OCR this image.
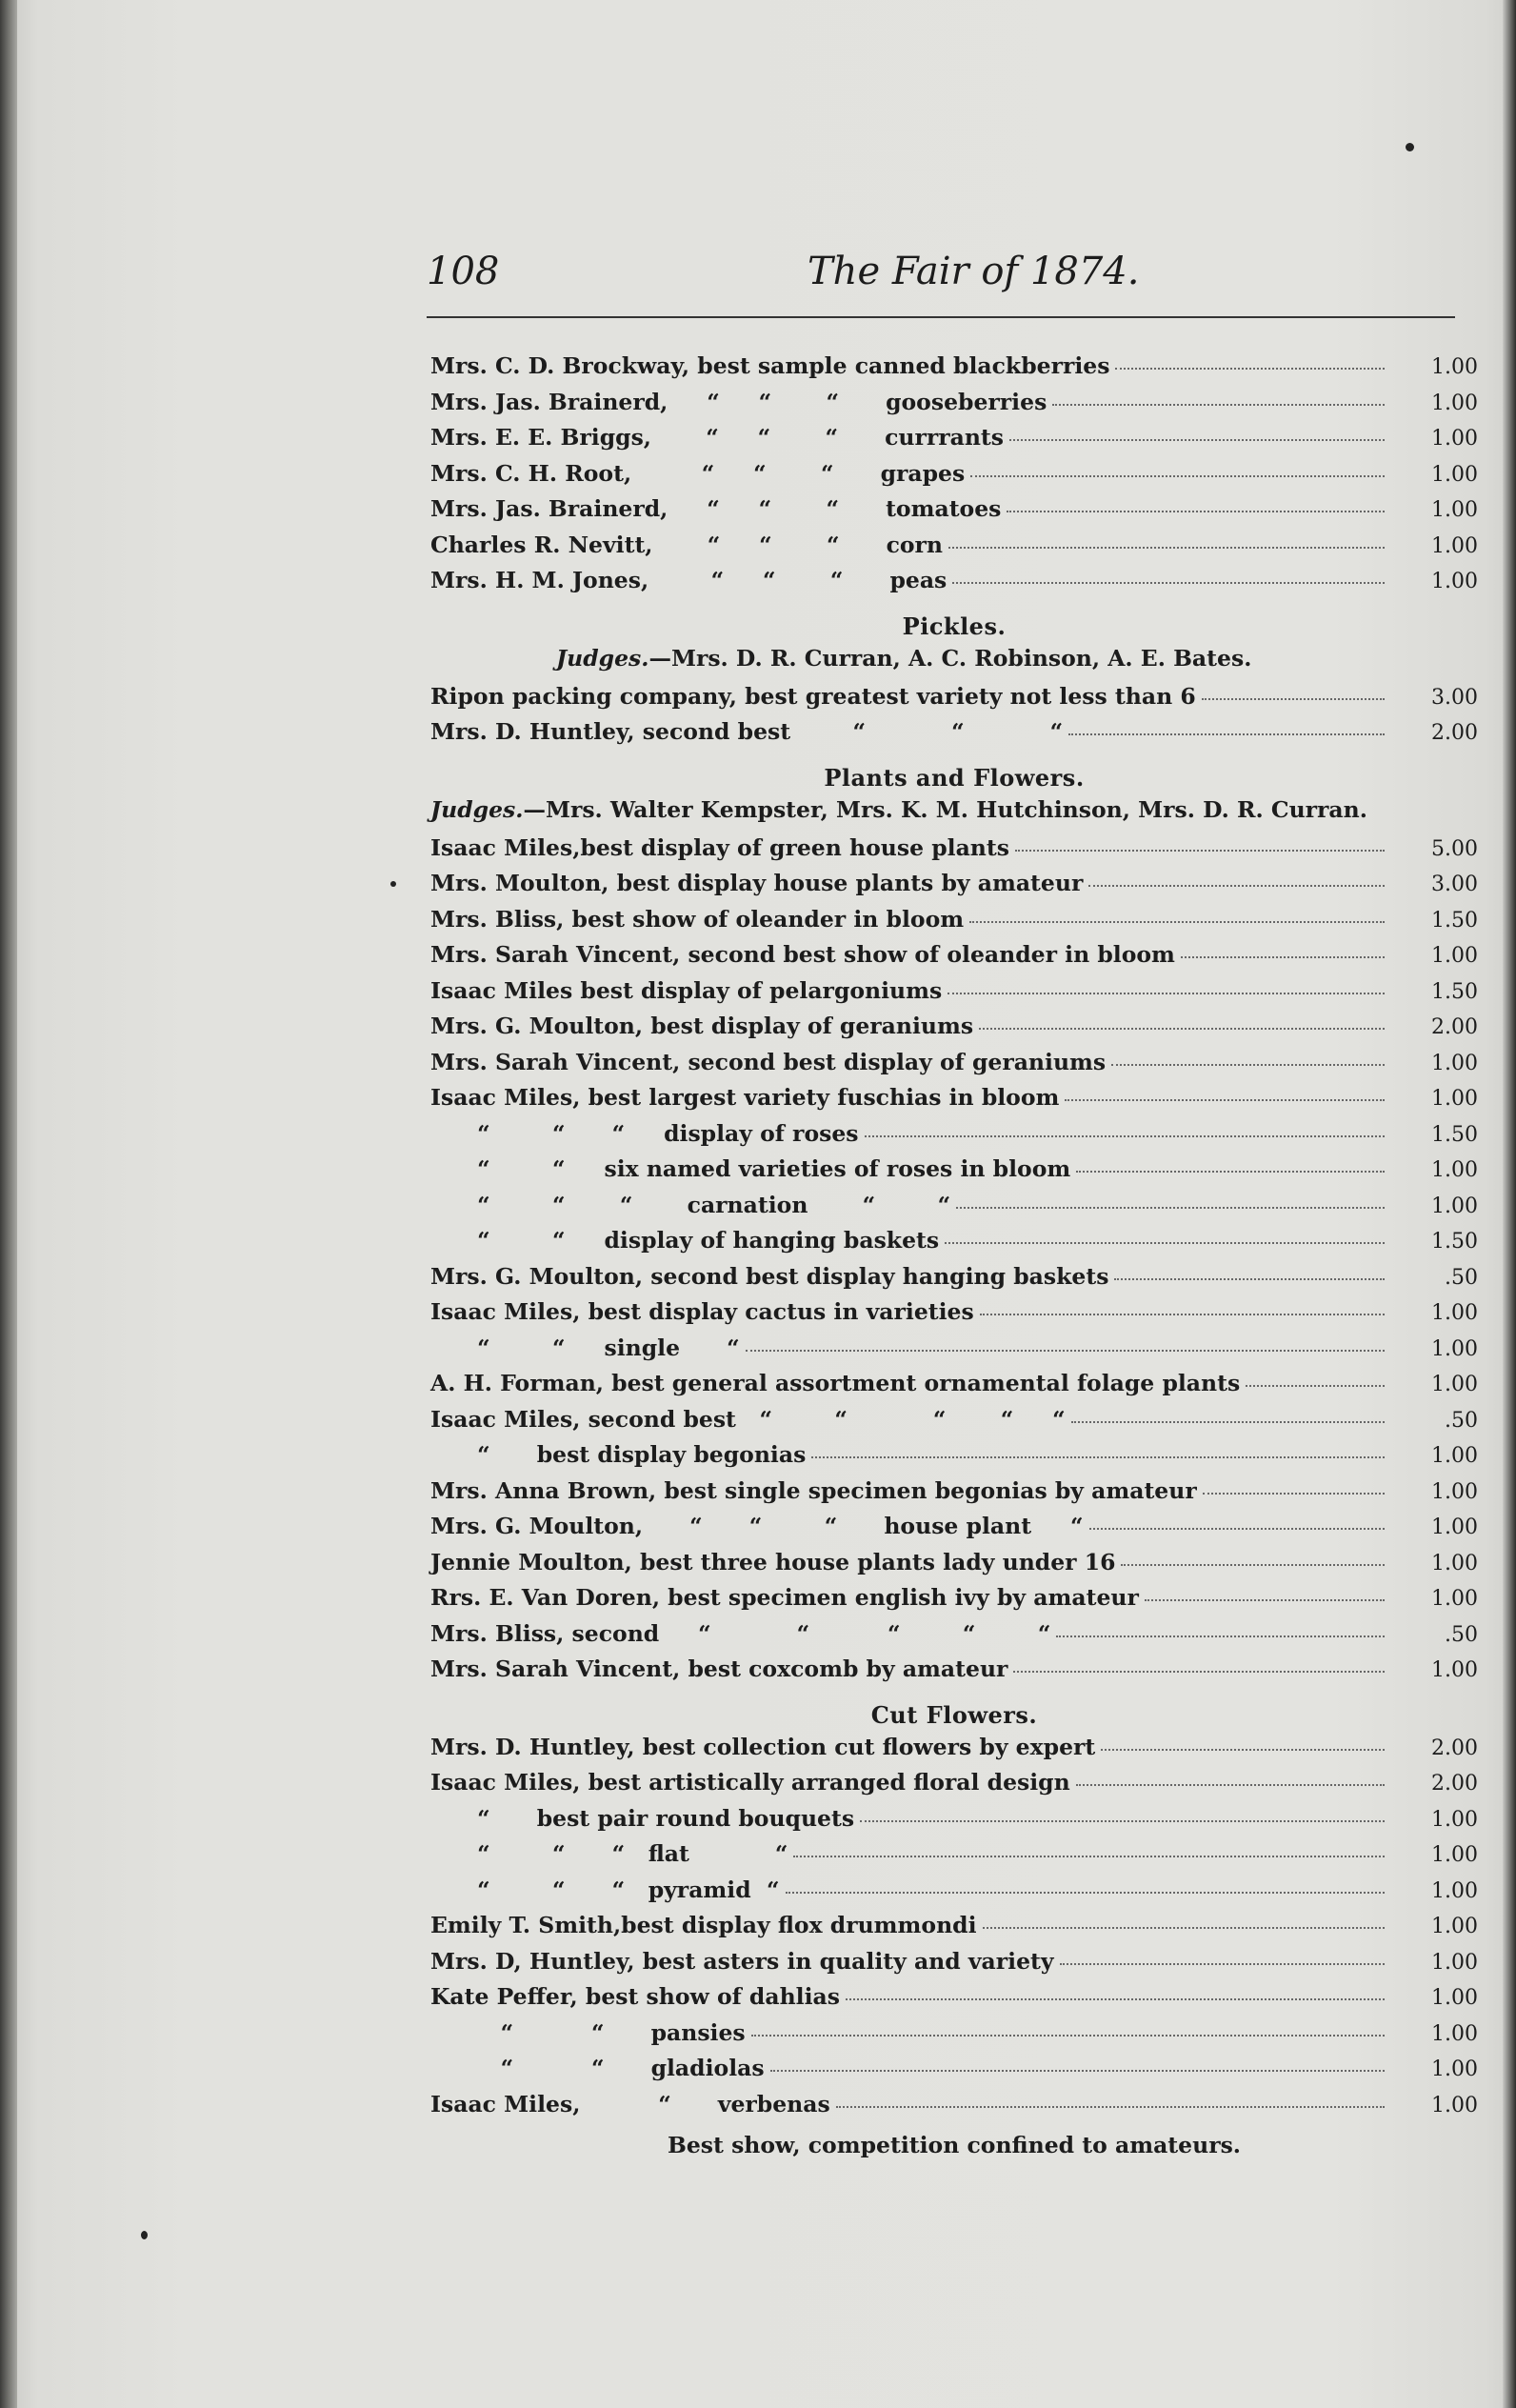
108	The Fair of 1874.
Mrs. C. D. Brockway, best sample canned blackberries	1.00
Mrs. Jas. Brainerd,     “     “       “      gooseberries	1.00
Mrs. E. E. Briggs,       “     “       “      currrants	1.00
Mrs. C. H. Root,         “     “       “      grapes	1.00
Mrs. Jas. Brainerd,     “     “       “      tomatoes	1.00
Charles R. Nevitt,       “     “       “      corn	1.00
Mrs. H. M. Jones,        “     “       “      peas	1.00
Pickles.
Judges.—Mrs. D. R. Curran, A. C. Robinson, A. E. Bates.
Ripon packing company, best greatest variety not less than 6	3.00
Mrs. D. Huntley, second best        “           “           “	2.00
Plants and Flowers.
Judges.—Mrs. Walter Kempster, Mrs. K. M. Hutchinson, Mrs. D. R. Curran.
Isaac Miles,best display of green house plants	5.00
Mrs. Moulton, best display house plants by amateur	3.00
Mrs. Bliss, best show of oleander in bloom	1.50
Mrs. Sarah Vincent, second best show of oleander in bloom	1.00
Isaac Miles best display of pelargoniums	1.50
Mrs. G. Moulton, best display of geraniums	2.00
Mrs. Sarah Vincent, second best display of geraniums	1.00
Isaac Miles, best largest variety fuschias in bloom	1.00
“        “      “     display of roses	1.50
“        “     six named varieties of roses in bloom	1.00
“        “       “       carnation       “        “	1.00
“        “     display of hanging baskets	1.50
Mrs. G. Moulton, second best display hanging baskets	.50
Isaac Miles, best display cactus in varieties	1.00
“        “     single      “	1.00
A. H. Forman, best general assortment ornamental folage plants	1.00
Isaac Miles, second best   “        “           “       “     “	.50
“      best display begonias	1.00
Mrs. Anna Brown, best single specimen begonias by amateur	1.00
Mrs. G. Moulton,      “      “        “      house plant     “	1.00
Jennie Moulton, best three house plants lady under 16	1.00
Rrs. E. Van Doren, best specimen english ivy by amateur	1.00
Mrs. Bliss, second     “           “          “        “        “	.50
Mrs. Sarah Vincent, best coxcomb by amateur	1.00
Cut Flowers.
Mrs. D. Huntley, best collection cut flowers by expert	2.00
Isaac Miles, best artistically arranged floral design	2.00
“      best pair round bouquets	1.00
“        “      “   flat           “	1.00
“        “      “   pyramid  “	1.00
Emily T. Smith,best display flox drummondi	1.00
Mrs. D, Huntley, best asters in quality and variety	1.00
Kate Peffer, best show of dahlias	1.00
“          “      pansies	1.00
“          “      gladiolas	1.00
Isaac Miles,          “      verbenas	1.00
Best show, competition confined to amateurs.
